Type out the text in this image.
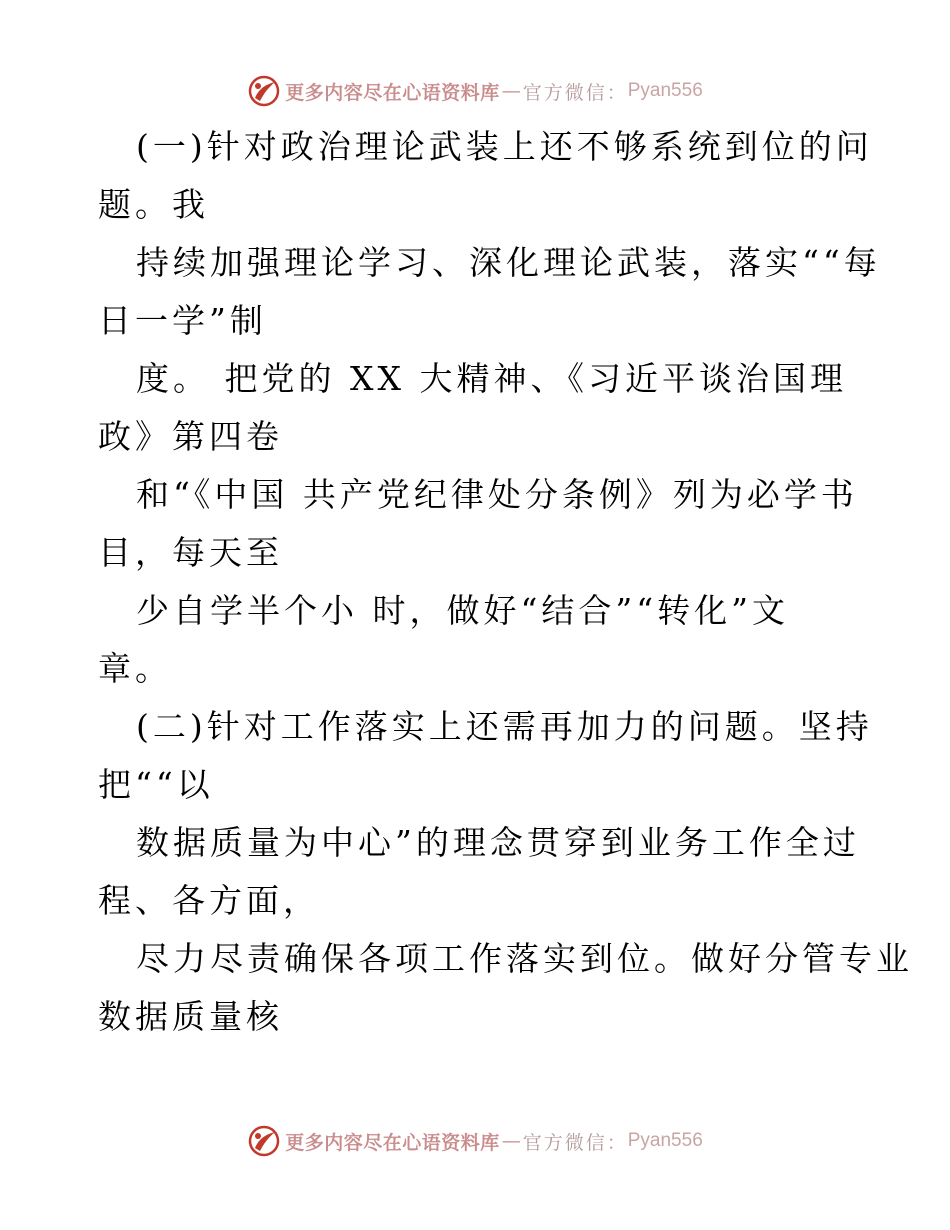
更多内容尽在心语资料库 — 官方微信： Pyan556
(一)针对政治理论武装上还不够系统到位的问
题。我
持续加强理论学习、深化理论武装，落实““每
日一学”制
度。 把党的 XX 大精神、《习近平谈治国理
政》第四卷
和“《中国 共产党纪律处分条例》列为必学书
目，每天至
少自学半个小 时，做好“结合”“转化”文
章。
(二)针对工作落实上还需再加力的问题。坚持
把““以
数据质量为中心”的理念贯穿到业务工作全过
程、各方面，
尽力尽责确保各项工作落实到位。做好分管专业
数据质量核
更多内容尽在心语资料库 — 官方微信： Pyan556
